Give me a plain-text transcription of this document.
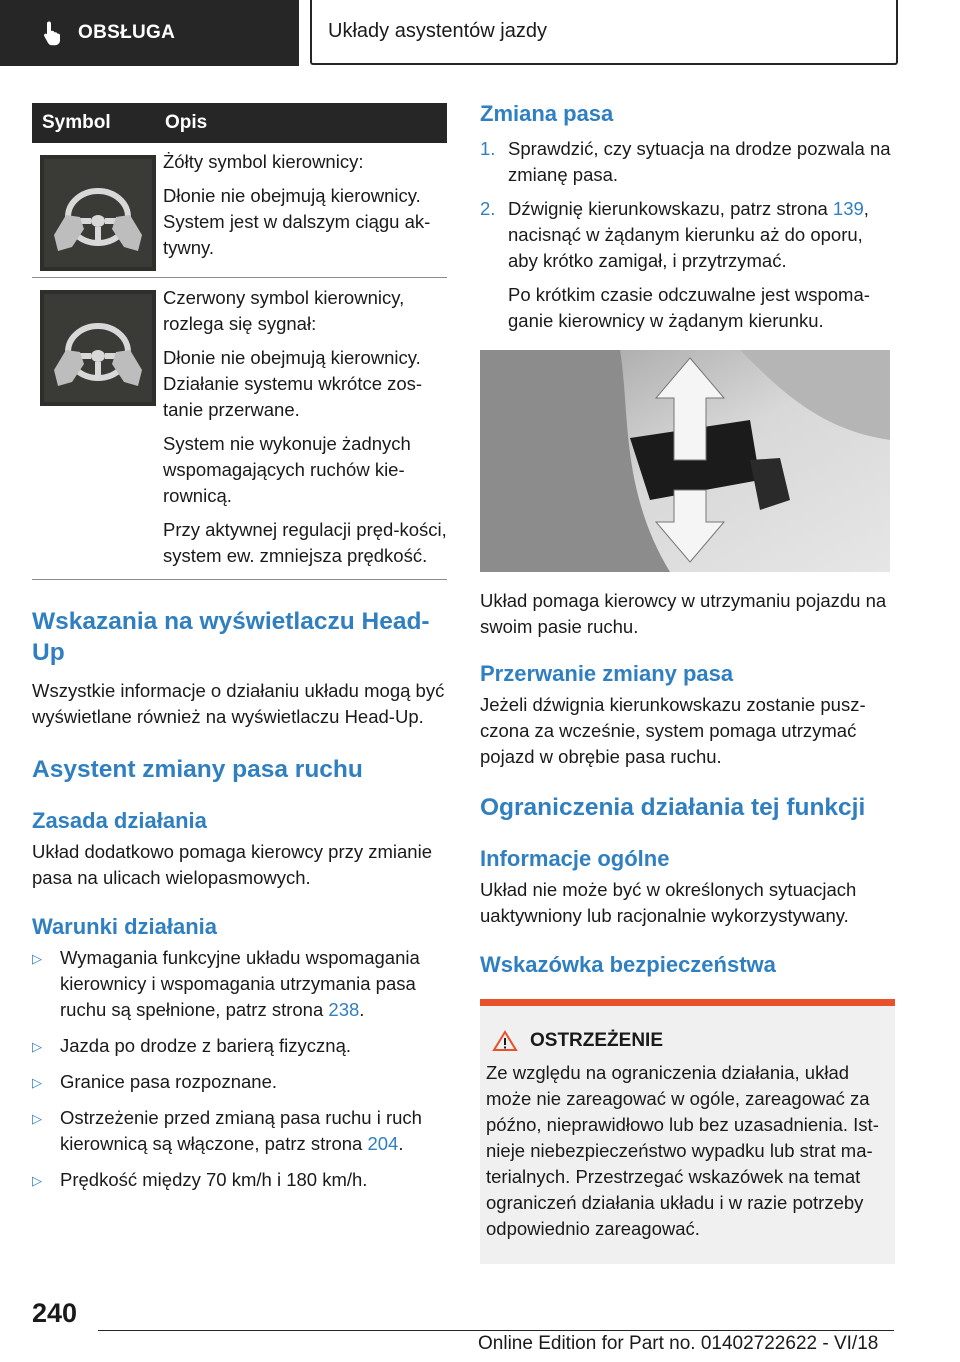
OBSŁUGA	Układy asystentów jazdy
Symbol	Opis

Żółty symbol kierownicy:

Dłonie nie obejmują kierownicy. System jest w dalszym ciągu ak-tywny.

Czerwony symbol kierownicy, rozlega się sygnał:

Dłonie nie obejmują kierownicy. Działanie systemu wkrótce zos-tanie przerwane.

System nie wykonuje żadnych wspomagających ruchów kie-rownicą.

Przy aktywnej regulacji pręd-kości, system ew. zmniejsza prędkość.

Wskazania na wyświetlaczu Head-Up

Wszystkie informacje o działaniu układu mogą być wyświetlane również na wyświetlaczu Head-Up.

Asystent zmiany pasa ruchu
Zasada działania

Układ dodatkowo pomaga kierowcy przy zmianie pasa na ulicach wielopasmowych.

Warunki działania
▷ Wymagania funkcyjne układu wspomagania kierownicy i wspomagania utrzymania pasa ruchu są spełnione, patrz strona 238.

▷ Jazda po drodze z barierą fizyczną.

▷ Granice pasa rozpoznane.

▷ Ostrzeżenie przed zmianą pasa ruchu i ruch kierownicą są włączone, patrz strona 204.

▷ Prędkość między 70 km/h i 180 km/h.

Zmiana pasa
1. Sprawdzić, czy sytuacja na drodze pozwala na zmianę pasa.

2. Dźwignię kierunkowskazu, patrz strona 139, nacisnąć w żądanym kierunku aż do oporu, aby krótko zamigał, i przytrzymać.

Po krótkim czasie odczuwalne jest wspoma-ganie kierownicy w żądanym kierunku.

Układ pomaga kierowcy w utrzymaniu pojazdu na swoim pasie ruchu.

Przerwanie zmiany pasa

Jeżeli dźwignia kierunkowskazu zostanie pusz-czona za wcześnie, system pomaga utrzymać pojazd w obrębie pasa ruchu.

Ograniczenia działania tej funkcji
Informacje ogólne

Układ nie może być w określonych sytuacjach uaktywniony lub racjonalnie wykorzystywany.

Wskazówka bezpieczeństwa
OSTRZEŻENIE

Ze względu na ograniczenia działania, układ może nie zareagować w ogóle, zareagować za późno, nieprawidłowo lub bez uzasadnienia. Ist-nieje niebezpieczeństwo wypadku lub strat ma-terialnych. Przestrzegać wskazówek na temat ograniczeń działania układu i w razie potrzeby odpowiednio zareagować.

240
Online Edition for Part no. 01402722622 - VI/18
